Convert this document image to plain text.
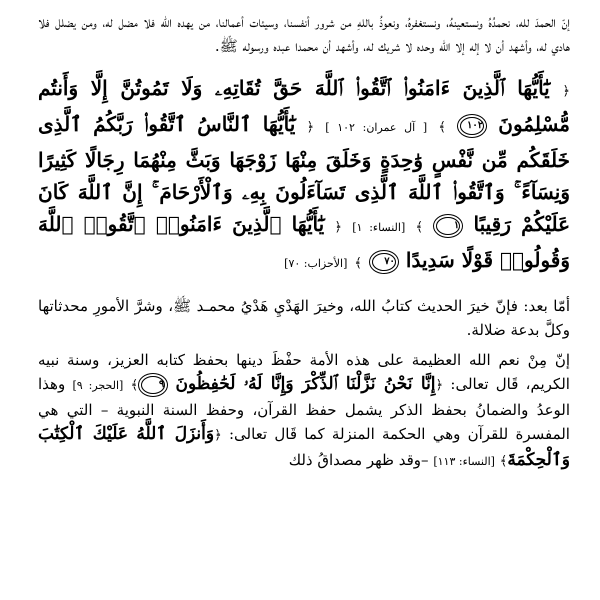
إنّ الحمدَ لله، نحمدُهُ ونستعينهُ، ونستغفرهُ، ونعوذُ باللهِ من شرور أنفسنا، وسيئات أعمالنا، من يهده الله فلا مضل له، ومن يضلل فلا هادي له، وأشهد أن لا إله إلا الله وحده لا شريك له، وأشهد أن محمدا عبده ورسوله ﷺ.

﴿ يَٰٓأَيُّهَا ٱلَّذِينَ ءَامَنُوا۟ ٱتَّقُوا۟ ٱللَّهَ حَقَّ تُقَاتِهِۦ وَلَا تَمُوتُنَّ إِلَّا وَأَنتُم مُّسْلِمُونَ ١٠٢ ﴾ [ آل عمران: ١٠٢ ] ﴿ يَٰٓأَيُّهَا ٱلنَّاسُ ٱتَّقُوا۟ رَبَّكُمُ ٱلَّذِى خَلَقَكُم مِّن نَّفْسٍ وَٰحِدَةٍ وَخَلَقَ مِنْهَا زَوْجَهَا وَبَثَّ مِنْهُمَا رِجَالًا كَثِيرًا وَنِسَآءً ۚ وَٱتَّقُوا۟ ٱللَّهَ ٱلَّذِى تَسَآءَلُونَ بِهِۦ وَٱلْأَرْحَامَ ۚ إِنَّ ٱللَّهَ كَانَ عَلَيْكُمْ رَقِيبًا ١ ﴾ [النساء: ١] ﴿ يَٰٓأَيُّهَا ٱلَّذِينَ ءَامَنُوا۟ ٱتَّقُوا۟ ٱللَّهَ وَقُولُوا۟ قَوْلًا سَدِيدًا ٧٠ ﴾ [الأحزاب: ٧٠]

أمّا بعد: فإنّ خيرَ الحديث كتابُ الله، وخيرَ الهَدْيِ هَدْيُ محمـد ﷺ، وشرَّ الأمورِ محدثاتها وكلَّ بدعة ضلالة.

إنّ مِنْ نعم الله العظيمة على هذه الأمة حفْظَ دينها بحفظ كتابه العزيز، وسنة نبيه الكريم، قَال تعالى: ﴿إِنَّا نَحْنُ نَزَّلْنَا ٱلذِّكْرَ وَإِنَّا لَهُۥ لَحَٰفِظُونَ ٩﴾ [الحجر: ٩] وهذا الوعدُ والضمانُ بحفظ الذكر يشمل حفظ القرآن، وحفظ السنة النبوية – التي هي المفسرة للقرآن وهي الحكمة المنزلة كما قَال تعالى: ﴿وَأَنزَلَ ٱللَّهُ عَلَيْكَ ٱلْكِتَٰبَ وَٱلْحِكْمَةَ﴾ [النساء: ١١٣] –وقد ظهر مصداقُ ذلك
